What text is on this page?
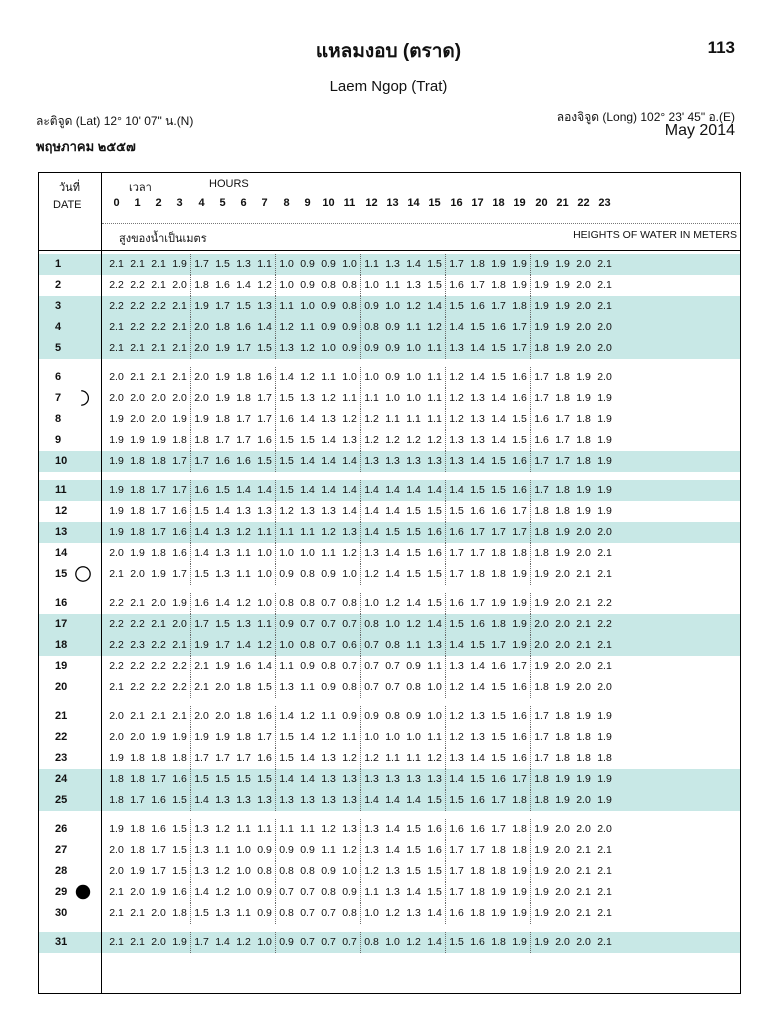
แหลมงอบ (ตราด)	113
Laem Ngop (Trat)
ละติจูด (Lat) 12° 10' 07" น.(N)	ลองจิจูด (Long) 102° 23' 45" อ.(E)
May 2014
พฤษภาคม ๒๕๕๗
วันที่
DATE
เวลา	HOURS
0	1	2	3	4	5	6	7	8	9	10 11 12 13 14 15 16 17 18 19 20 21 22 23
สูงของน้ำเป็นเมตร	HEIGHTS OF WATER IN METERS
1	2.1 2.1 2.1 1.9 1.7 1.5 1.3 1.1 1.0 0.9 0.9 1.0 1.1 1.3 1.4 1.5 1.7 1.8 1.9 1.9 1.9 1.9 2.0 2.1
2	2.2 2.2 2.1 2.0 1.8 1.6 1.4 1.2 1.0 0.9 0.8 0.8 1.0 1.1 1.3 1.5 1.6 1.7 1.8 1.9 1.9 1.9 2.0 2.1
3	2.2 2.2 2.2 2.1 1.9 1.7 1.5 1.3 1.1 1.0 0.9 0.8 0.9 1.0 1.2 1.4 1.5 1.6 1.7 1.8 1.9 1.9 2.0 2.1
4	2.1 2.2 2.2 2.1 2.0 1.8 1.6 1.4 1.2 1.1 0.9 0.9 0.8 0.9 1.1 1.2 1.4 1.5 1.6 1.7 1.9 1.9 2.0 2.0
5	2.1 2.1 2.1 2.1 2.0 1.9 1.7 1.5 1.3 1.2 1.0 0.9 0.9 0.9 1.0 1.1 1.3 1.4 1.5 1.7 1.8 1.9 2.0 2.0
6	2.0 2.1 2.1 2.1 2.0 1.9 1.8 1.6 1.4 1.2 1.1 1.0 1.0 0.9 1.0 1.1 1.2 1.4 1.5 1.6 1.7 1.8 1.9 2.0
7	2.0 2.0 2.0 2.0 2.0 1.9 1.8 1.7 1.5 1.3 1.2 1.1 1.1 1.0 1.0 1.1 1.2 1.3 1.4 1.6 1.7 1.8 1.9 1.9
8	1.9 2.0 2.0 1.9 1.9 1.8 1.7 1.7 1.6 1.4 1.3 1.2 1.2 1.1 1.1 1.1 1.2 1.3 1.4 1.5 1.6 1.7 1.8 1.9
9	1.9 1.9 1.9 1.8 1.8 1.7 1.7 1.6 1.5 1.5 1.4 1.3 1.2 1.2 1.2 1.2 1.3 1.3 1.4 1.5 1.6 1.7 1.8 1.9
10	1.9 1.8 1.8 1.7 1.7 1.6 1.6 1.5 1.5 1.4 1.4 1.4 1.3 1.3 1.3 1.3 1.3 1.4 1.5 1.6 1.7 1.7 1.8 1.9
11	1.9 1.8 1.7 1.7 1.6 1.5 1.4 1.4 1.5 1.4 1.4 1.4 1.4 1.4 1.4 1.4 1.4 1.5 1.5 1.6 1.7 1.8 1.9 1.9
12	1.9 1.8 1.7 1.6 1.5 1.4 1.3 1.3 1.2 1.3 1.3 1.4 1.4 1.4 1.5 1.5 1.5 1.6 1.6 1.7 1.8 1.8 1.9 1.9
13	1.9 1.8 1.7 1.6 1.4 1.3 1.2 1.1 1.1 1.1 1.2 1.3 1.4 1.5 1.5 1.6 1.6 1.7 1.7 1.7 1.8 1.9 2.0 2.0
14	2.0 1.9 1.8 1.6 1.4 1.3 1.1 1.0 1.0 1.0 1.1 1.2 1.3 1.4 1.5 1.6 1.7 1.7 1.8 1.8 1.8 1.9 2.0 2.1
15	2.1 2.0 1.9 1.7 1.5 1.3 1.1 1.0 0.9 0.8 0.9 1.0 1.2 1.4 1.5 1.5 1.7 1.8 1.8 1.9 1.9 2.0 2.1 2.1
16	2.2 2.1 2.0 1.9 1.6 1.4 1.2 1.0 0.8 0.8 0.7 0.8 1.0 1.2 1.4 1.5 1.6 1.7 1.9 1.9 1.9 2.0 2.1 2.2
17	2.2 2.2 2.1 2.0 1.7 1.5 1.3 1.1 0.9 0.7 0.7 0.7 0.8 1.0 1.2 1.4 1.5 1.6 1.8 1.9 2.0 2.0 2.1 2.2
18	2.2 2.3 2.2 2.1 1.9 1.7 1.4 1.2 1.0 0.8 0.7 0.6 0.7 0.8 1.1 1.3 1.4 1.5 1.7 1.9 2.0 2.0 2.1 2.1
19	2.2 2.2 2.2 2.2 2.1 1.9 1.6 1.4 1.1 0.9 0.8 0.7 0.7 0.7 0.9 1.1 1.3 1.4 1.6 1.7 1.9 2.0 2.0 2.1
20	2.1 2.2 2.2 2.2 2.1 2.0 1.8 1.5 1.3 1.1 0.9 0.8 0.7 0.7 0.8 1.0 1.2 1.4 1.5 1.6 1.8 1.9 2.0 2.0
21	2.0 2.1 2.1 2.1 2.0 2.0 1.8 1.6 1.4 1.2 1.1 0.9 0.9 0.8 0.9 1.0 1.2 1.3 1.5 1.6 1.7 1.8 1.9 1.9
22	2.0 2.0 1.9 1.9 1.9 1.9 1.8 1.7 1.5 1.4 1.2 1.1 1.0 1.0 1.0 1.1 1.2 1.3 1.5 1.6 1.7 1.8 1.8 1.9
23	1.9 1.8 1.8 1.8 1.7 1.7 1.7 1.6 1.5 1.4 1.3 1.2 1.2 1.1 1.1 1.2 1.3 1.4 1.5 1.6 1.7 1.8 1.8 1.8
24	1.8 1.8 1.7 1.6 1.5 1.5 1.5 1.5 1.4 1.4 1.3 1.3 1.3 1.3 1.3 1.3 1.4 1.5 1.6 1.7 1.8 1.9 1.9 1.9
25	1.8 1.7 1.6 1.5 1.4 1.3 1.3 1.3 1.3 1.3 1.3 1.3 1.4 1.4 1.4 1.5 1.5 1.6 1.7 1.8 1.8 1.9 2.0 1.9
26	1.9 1.8 1.6 1.5 1.3 1.2 1.1 1.1 1.1 1.1 1.2 1.3 1.3 1.4 1.5 1.6 1.6 1.6 1.7 1.8 1.9 2.0 2.0 2.0
27	2.0 1.8 1.7 1.5 1.3 1.1 1.0 0.9 0.9 0.9 1.1 1.2 1.3 1.4 1.5 1.6 1.7 1.7 1.8 1.8 1.9 2.0 2.1 2.1
28	2.0 1.9 1.7 1.5 1.3 1.2 1.0 0.8 0.8 0.8 0.9 1.0 1.2 1.3 1.5 1.5 1.7 1.8 1.8 1.9 1.9 2.0 2.1 2.1
29	2.1 2.0 1.9 1.6 1.4 1.2 1.0 0.9 0.7 0.7 0.8 0.9 1.1 1.3 1.4 1.5 1.7 1.8 1.9 1.9 1.9 2.0 2.1 2.1
30	2.1 2.1 2.0 1.8 1.5 1.3 1.1 0.9 0.8 0.7 0.7 0.8 1.0 1.2 1.3 1.4 1.6 1.8 1.9 1.9 1.9 2.0 2.1 2.1
31	2.1 2.1 2.0 1.9 1.7 1.4 1.2 1.0 0.9 0.7 0.7 0.7 0.8 1.0 1.2 1.4 1.5 1.6 1.8 1.9 1.9 2.0 2.0 2.1
